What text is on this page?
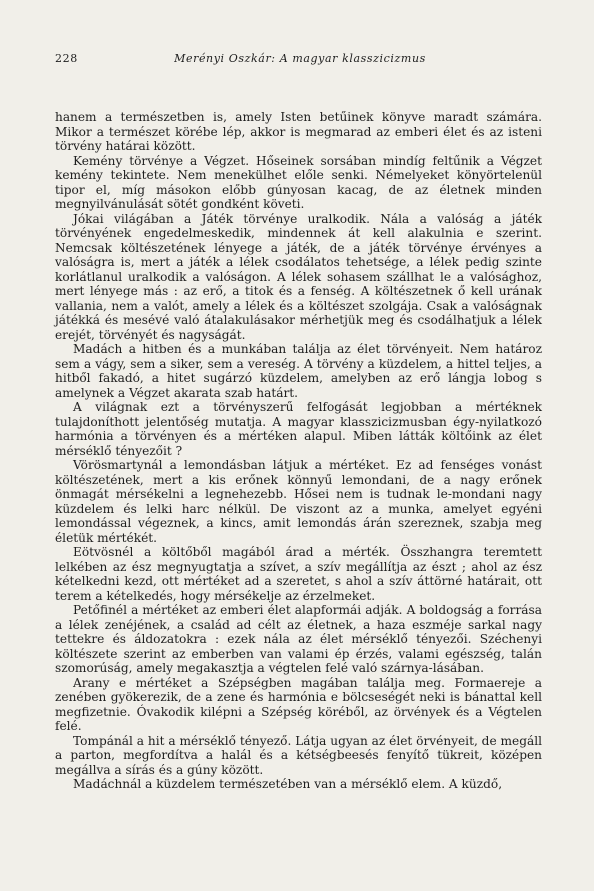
228	Merényi Oszkár: A magyar klasszicizmus

hanem a természetben is, amely Isten betűinek könyve maradt számára. Mikor a természet körébe lép, akkor is megmarad az emberi élet és az isteni törvény határai között.

Kemény törvénye a Végzet. Hőseinek sorsában mindíg feltűnik a Végzet kemény tekintete. Nem menekülhet előle senki. Némelyeket könyörtelenül tipor el, míg másokon előbb gúnyosan kacag, de az életnek minden megnyilvánulását sötét gondként követi.

Jókai világában a Játék törvénye uralkodik. Nála a valóság a játék törvényének engedelmeskedik, mindennek át kell alakulnia e szerint. Nemcsak költészetének lényege a játék, de a játék törvénye érvényes a valóságra is, mert a játék a lélek csodálatos tehetsége, a lélek pedig szinte korlátlanul uralkodik a valóságon. A lélek sohasem szállhat le a valósághoz, mert lényege más : az erő, a titok és a fenség. A költészetnek ő kell urának vallania, nem a valót, amely a lélek és a költészet szolgája. Csak a valóságnak játékká és mesévé való átalakulásakor mérhetjük meg és csodálhatjuk a lélek erejét, törvényét és nagyságát.

Madách a hitben és a munkában találja az élet törvényeit. Nem határoz sem a vágy, sem a siker, sem a vereség. A törvény a küzdelem, a hittel teljes, a hitből fakadó, a hitet sugárzó küzdelem, amelyben az erő lángja lobog s amelynek a Végzet akarata szab határt.

A világnak ezt a törvényszerű felfogását legjobban a mértéknek tulajdoníthott jelentőség mutatja. A magyar klasszicizmusban égy-nyilatkozó harmónia a törvényen és a mértéken alapul. Miben látták költőink az élet mérséklő tényezőit ?

Vörösmartynál a lemondásban látjuk a mértéket. Ez ad fenséges vonást költészetének, mert a kis erőnek könnyű lemondani, de a nagy erőnek önmagát mérsékelni a legnehezebb. Hősei nem is tudnak le-mondani nagy küzdelem és lelki harc nélkül. De viszont az a munka, amelyet egyéni lemondással végeznek, a kincs, amit lemondás árán szereznek, szabja meg életük mértékét.

Eötvösnél a költőből magából árad a mérték. Összhangra teremtett lelkében az ész megnyugtatja a szívet, a szív megállítja az észt ; ahol az ész kételkedni kezd, ott mértéket ad a szeretet, s ahol a szív áttörné határait, ott terem a kételkedés, hogy mérsékelje az érzelmeket.

Petőfinél a mértéket az emberi élet alapformái adják. A boldogság a forrása a lélek zenéjének, a család ad célt az életnek, a haza eszméje sarkal nagy tettekre és áldozatokra : ezek nála az élet mérséklő tényezői. Széchenyi költészete szerint az emberben van valami ép érzés, valami egészség, talán szomorúság, amely megakasztja a végtelen felé való szárnya-lásában.

Arany e mértéket a Szépségben magában találja meg. Formaereje a zenében gyökerezik, de a zene és harmónia e bölcseségét neki is bánattal kell megfizetnie. Óvakodik kilépni a Szépség köréből, az örvények és a Végtelen felé.

Tompánál a hit a mérséklő tényező. Látja ugyan az élet örvényeit, de megáll a parton, megfordítva a halál és a kétségbeesés fenyítő tükreit, középen megállva a sírás és a gúny között.

Madáchnál a küzdelem természetében van a mérséklő elem. A küzdő,
